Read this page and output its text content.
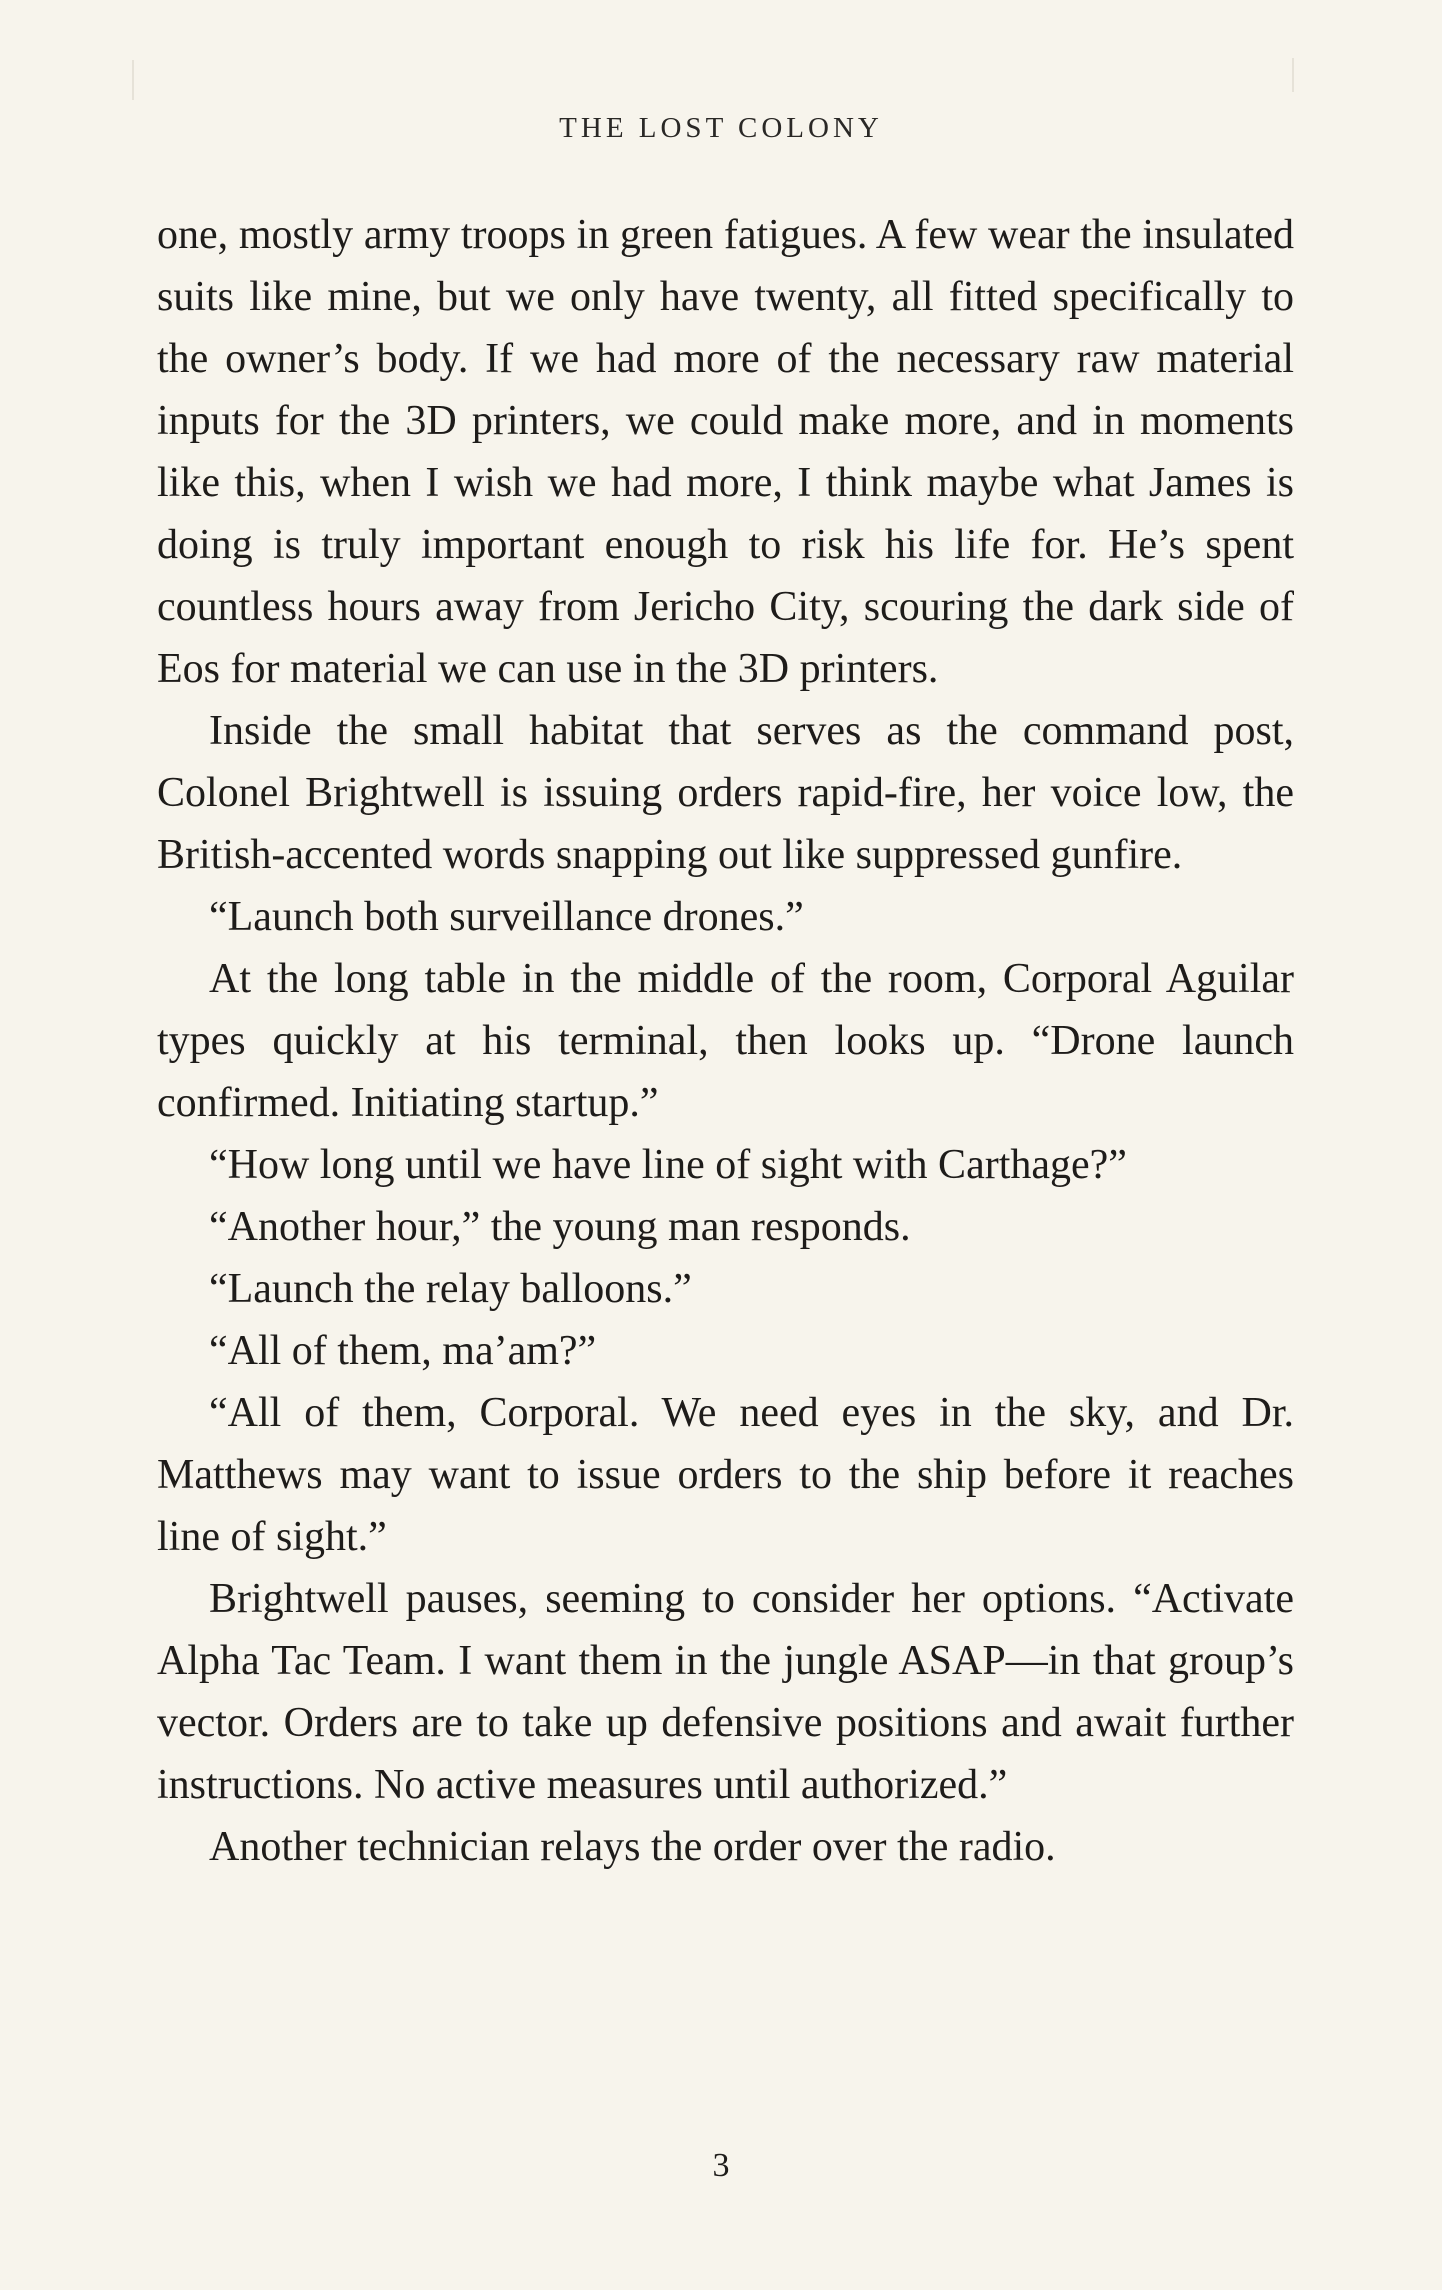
THE LOST COLONY

one, mostly army troops in green fatigues. A few wear the insulated suits like mine, but we only have twenty, all fitted specifically to the owner’s body. If we had more of the necessary raw material inputs for the 3D printers, we could make more, and in moments like this, when I wish we had more, I think maybe what James is doing is truly important enough to risk his life for. He’s spent countless hours away from Jericho City, scouring the dark side of Eos for material we can use in the 3D printers.

Inside the small habitat that serves as the command post, Colonel Brightwell is issuing orders rapid-fire, her voice low, the British-accented words snapping out like suppressed gunfire.

“Launch both surveillance drones.”

At the long table in the middle of the room, Corporal Aguilar types quickly at his terminal, then looks up. “Drone launch confirmed. Initiating startup.”

“How long until we have line of sight with Carthage?”

“Another hour,” the young man responds.

“Launch the relay balloons.”

“All of them, ma’am?”

“All of them, Corporal. We need eyes in the sky, and Dr. Matthews may want to issue orders to the ship before it reaches line of sight.”

Brightwell pauses, seeming to consider her options. “Activate Alpha Tac Team. I want them in the jungle ASAP—in that group’s vector. Orders are to take up defensive positions and await further instructions. No active measures until authorized.”

Another technician relays the order over the radio.

3
